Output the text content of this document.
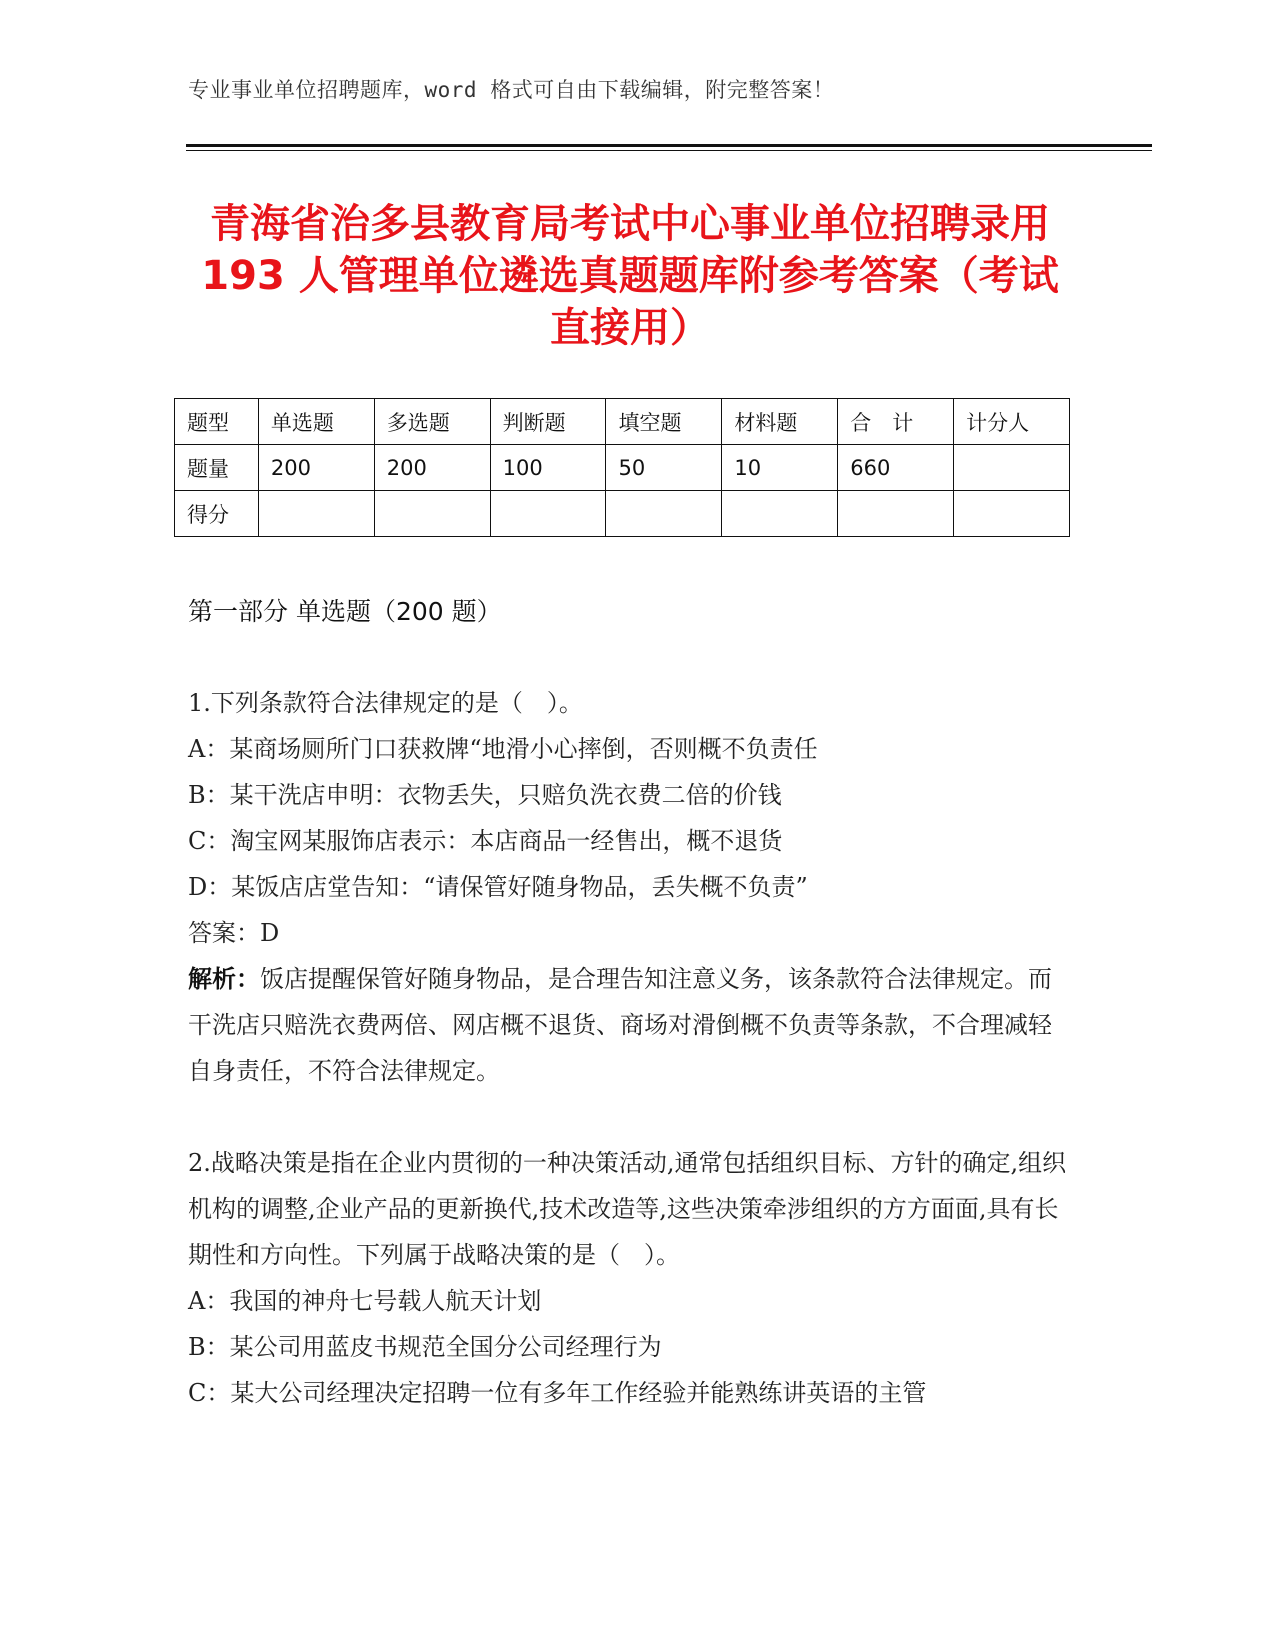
专业事业单位招聘题库，word 格式可自由下载编辑，附完整答案！
青海省治多县教育局考试中心事业单位招聘录用 193 人管理单位遴选真题题库附参考答案（考试直接用）
题型	单选题	多选题	判断题	填空题	材料题	合　计	计分人
题量	200	200	100	50	10	660	
得分							
第一部分 单选题（200 题）

1.下列条款符合法律规定的是（　）。

A：某商场厕所门口获救牌“地滑小心摔倒，否则概不负责任

B：某干洗店申明：衣物丢失，只赔负洗衣费二倍的价钱

C：淘宝网某服饰店表示：本店商品一经售出，概不退货

D：某饭店店堂告知：“请保管好随身物品，丢失概不负责”

答案：D

解析：饭店提醒保管好随身物品，是合理告知注意义务，该条款符合法律规定。而干洗店只赔洗衣费两倍、网店概不退货、商场对滑倒概不负责等条款，不合理减轻自身责任，不符合法律规定。

2.战略决策是指在企业内贯彻的一种决策活动,通常包括组织目标、方针的确定,组织机构的调整,企业产品的更新换代,技术改造等,这些决策牵涉组织的方方面面,具有长期性和方向性。下列属于战略决策的是（　）。

A：我国的神舟七号载人航天计划

B：某公司用蓝皮书规范全国分公司经理行为

C：某大公司经理决定招聘一位有多年工作经验并能熟练讲英语的主管
